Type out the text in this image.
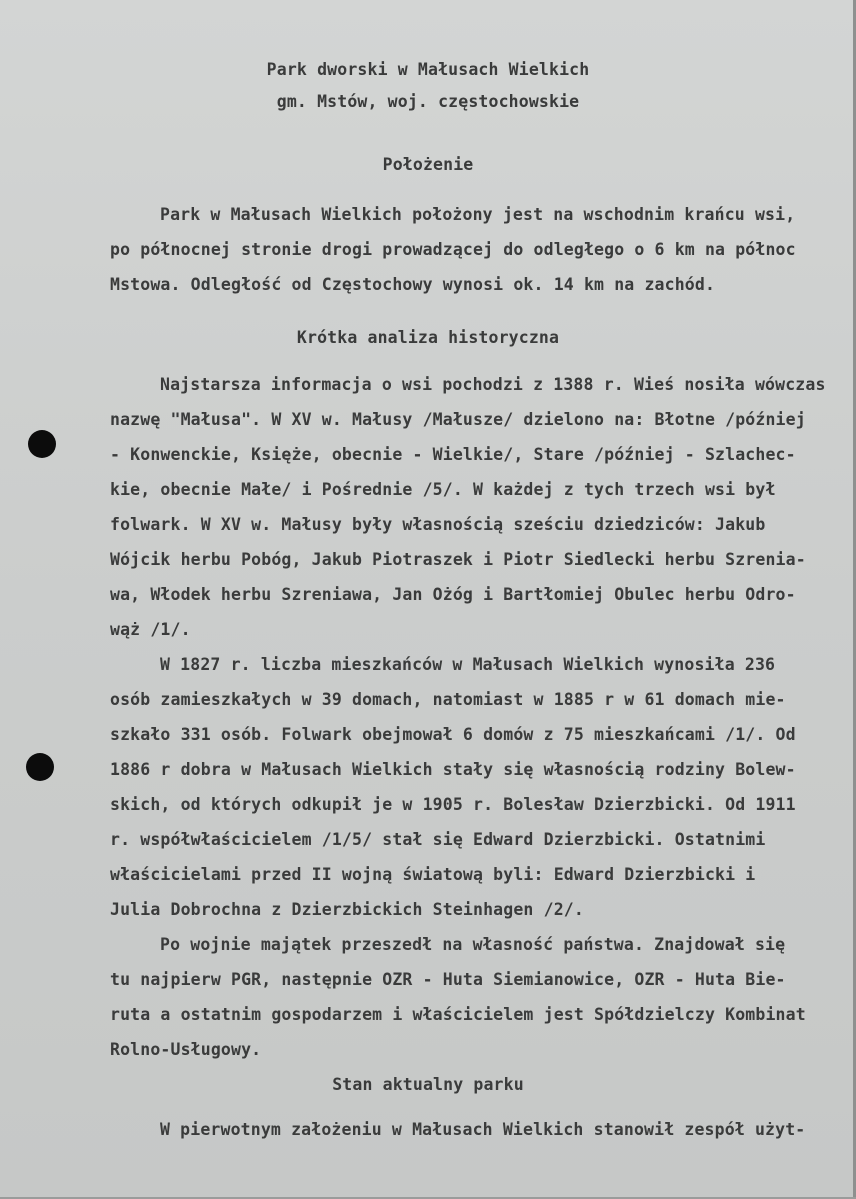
Park dworski w Małusach Wielkich
gm. Mstów, woj. częstochowskie
Położenie
Park w Małusach Wielkich położony jest na wschodnim krańcu wsi,
po północnej stronie drogi prowadzącej do odległego o 6 km na północ
Mstowa. Odległość od Częstochowy wynosi ok. 14 km na zachód.
Krótka analiza historyczna
Najstarsza informacja o wsi pochodzi z 1388 r. Wieś nosiła wówczas
nazwę "Małusa". W XV w. Małusy /Małusze/ dzielono na: Błotne /później
- Konwenckie, Księże, obecnie - Wielkie/, Stare /później - Szlachec-
kie, obecnie Małe/ i Pośrednie /5/. W każdej z tych trzech wsi był
folwark. W XV w. Małusy były własnością sześciu dziedziców: Jakub
Wójcik herbu Pobóg, Jakub Piotraszek i Piotr Siedlecki herbu Szrenia-
wa, Włodek herbu Szreniawa, Jan Ożóg i Bartłomiej Obulec herbu Odro-
wąż /1/.
W 1827 r. liczba mieszkańców w Małusach Wielkich wynosiła 236
osób zamieszkałych w 39 domach, natomiast w 1885 r w 61 domach mie-
szkało 331 osób. Folwark obejmował 6 domów z 75 mieszkańcami /1/. Od
1886 r dobra w Małusach Wielkich stały się własnością rodziny Bolew-
skich, od których odkupił je w 1905 r. Bolesław Dzierzbicki. Od 1911
r. współwłaścicielem /1/5/ stał się Edward Dzierzbicki. Ostatnimi
właścicielami przed II wojną światową byli: Edward Dzierzbicki i
Julia Dobrochna z Dzierzbickich Steinhagen /2/.
Po wojnie majątek przeszedł na własność państwa. Znajdował się
tu najpierw PGR, następnie OZR - Huta Siemianowice, OZR - Huta Bie-
ruta a ostatnim gospodarzem i właścicielem jest Spółdzielczy Kombinat
Rolno-Usługowy.
Stan aktualny parku
W pierwotnym założeniu w Małusach Wielkich stanowił zespół użyt-
